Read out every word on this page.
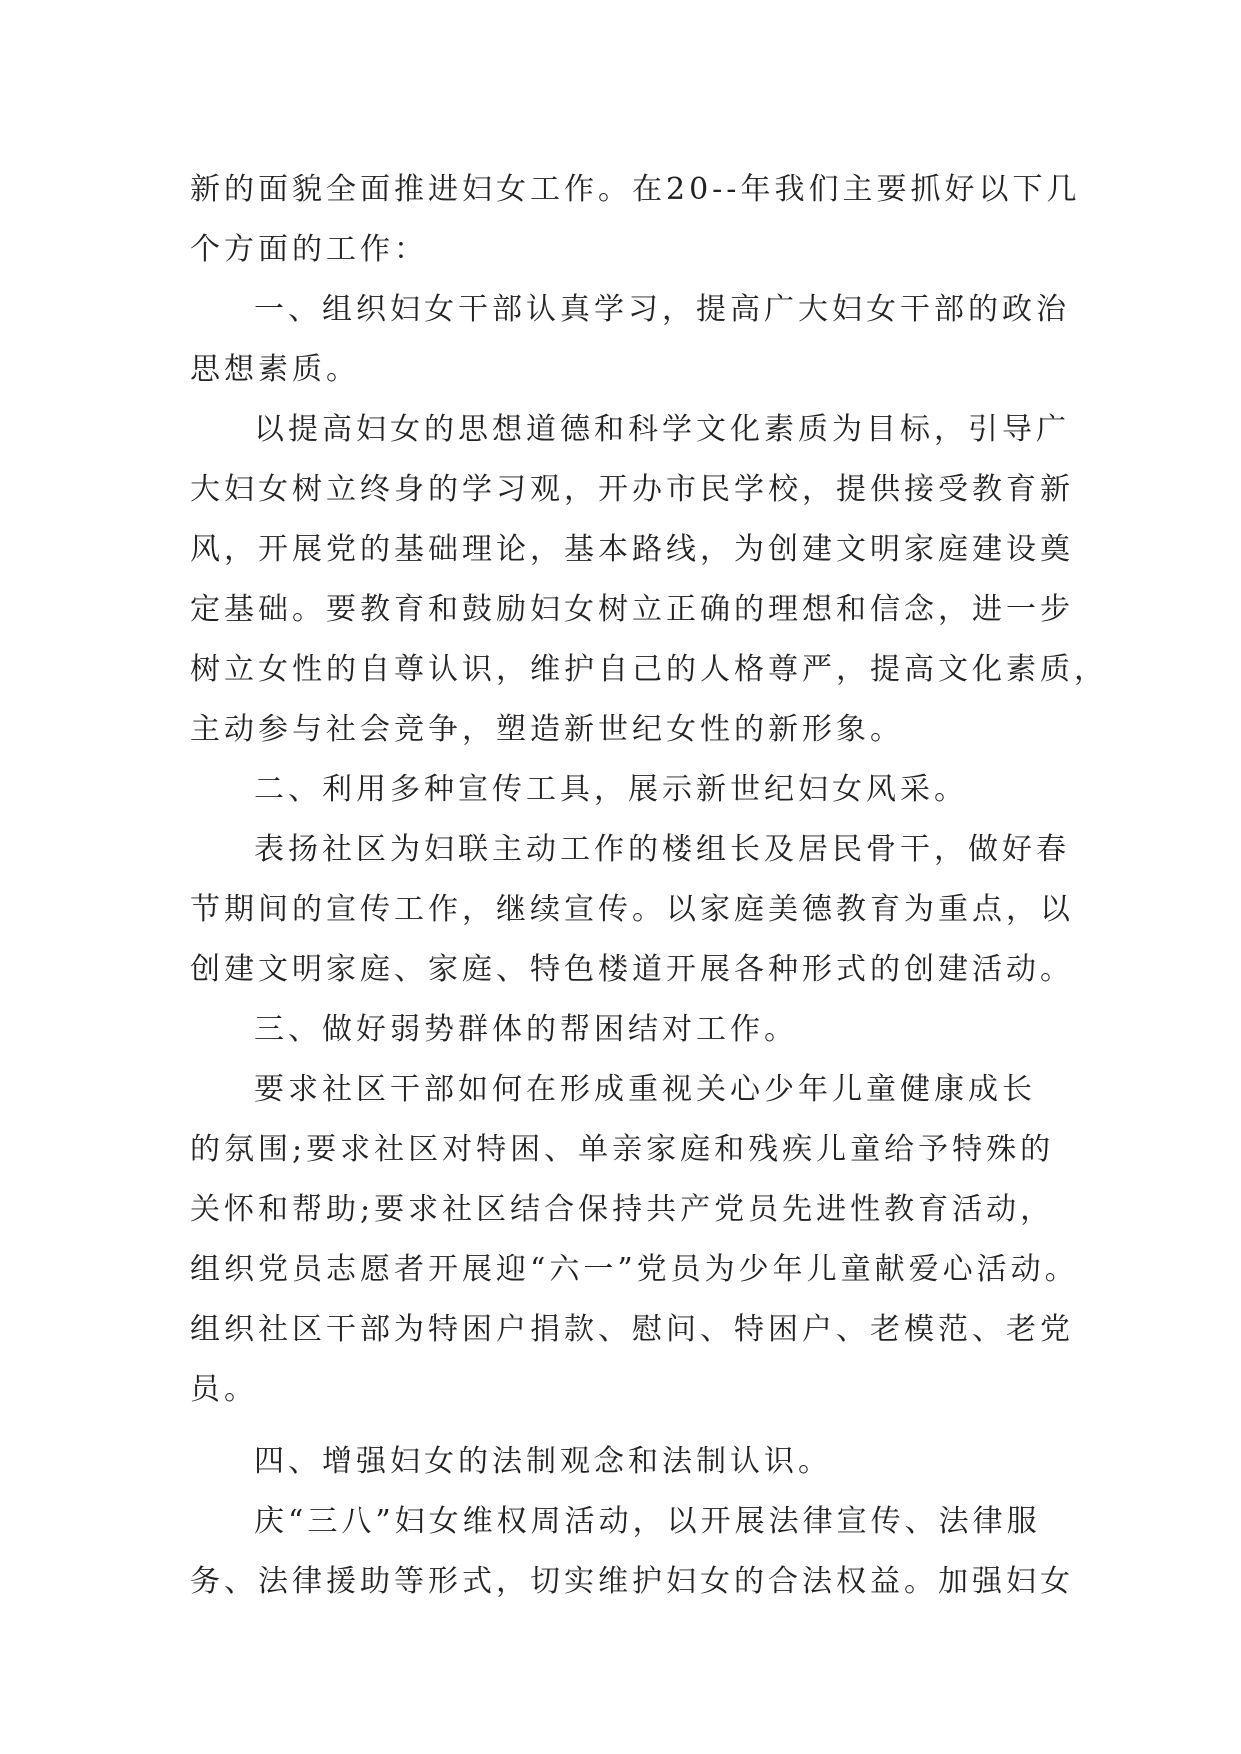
新的面貌全面推进妇女工作。在20--年我们主要抓好以下几
个方面的工作：
一、组织妇女干部认真学习，提高广大妇女干部的政治
思想素质。
以提高妇女的思想道德和科学文化素质为目标，引导广
大妇女树立终身的学习观，开办市民学校，提供接受教育新
风，开展党的基础理论，基本路线，为创建文明家庭建设奠
定基础。要教育和鼓励妇女树立正确的理想和信念，进一步
树立女性的自尊认识，维护自己的人格尊严，提高文化素质，
主动参与社会竞争，塑造新世纪女性的新形象。
二、利用多种宣传工具，展示新世纪妇女风采。
表扬社区为妇联主动工作的楼组长及居民骨干，做好春
节期间的宣传工作，继续宣传。以家庭美德教育为重点，以
创建文明家庭、家庭、特色楼道开展各种形式的创建活动。
三、做好弱势群体的帮困结对工作。
要求社区干部如何在形成重视关心少年儿童健康成长
的氛围;要求社区对特困、单亲家庭和残疾儿童给予特殊的
关怀和帮助;要求社区结合保持共产党员先进性教育活动，
组织党员志愿者开展迎“六一”党员为少年儿童献爱心活动。
组织社区干部为特困户捐款、慰问、特困户、老模范、老党
员。
四、增强妇女的法制观念和法制认识。
庆“三八”妇女维权周活动，以开展法律宣传、法律服
务、法律援助等形式，切实维护妇女的合法权益。加强妇女
